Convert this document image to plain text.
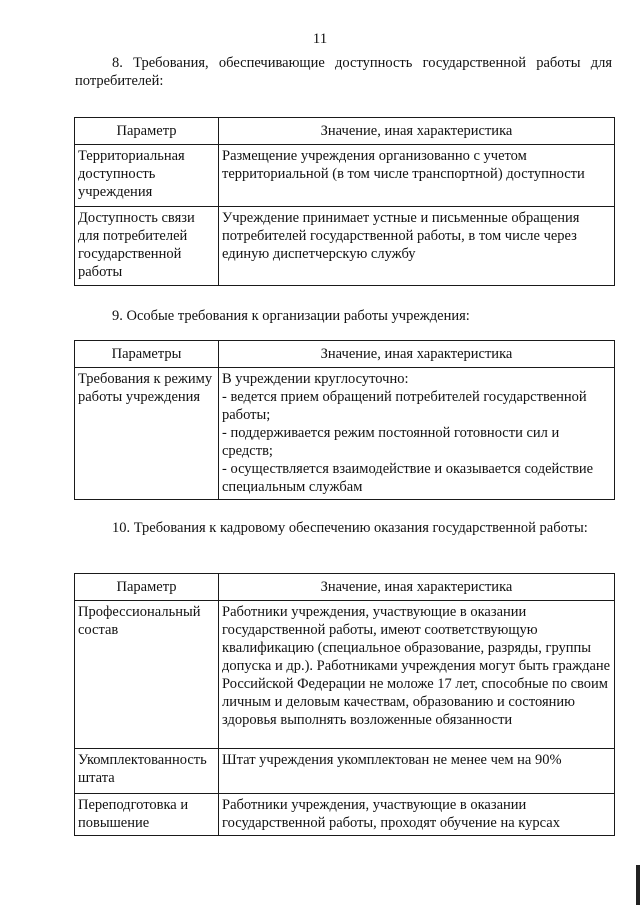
11

8. Требования, обеспечивающие доступность государственной работы для потребителей:

Параметр	Значение, иная характеристика
Территориальная доступность учреждения	Размещение учреждения организованно с учетом территориальной (в том числе транспортной) доступности
Доступность связи для потребителей государственной работы	Учреждение принимает устные и письменные обращения потребителей государственной работы, в том числе через единую диспетчерскую службу

9. Особые требования к организации работы учреждения:

Параметры	Значение, иная характеристика
Требования к режиму работы учреждения	В учреждении круглосуточно:
- ведется прием обращений потребителей государственной работы;
- поддерживается режим постоянной готовности сил и средств;
- осуществляется взаимодействие и оказывается содействие специальным службам

10. Требования к кадровому обеспечению оказания государственной работы:

Параметр	Значение, иная характеристика
Профессиональный состав	Работники учреждения, участвующие в оказании государственной работы, имеют соответствующую квалификацию (специальное образование, разряды, группы допуска и др.). Работниками учреждения могут быть граждане Российской Федерации не моложе 17 лет, способные по своим личным и деловым качествам, образованию и состоянию здоровья выполнять возложенные обязанности
Укомплектованность штата	Штат учреждения укомплектован не менее чем на 90%
Переподготовка и повышение	Работники учреждения, участвующие в оказании государственной работы, проходят обучение на курсах
